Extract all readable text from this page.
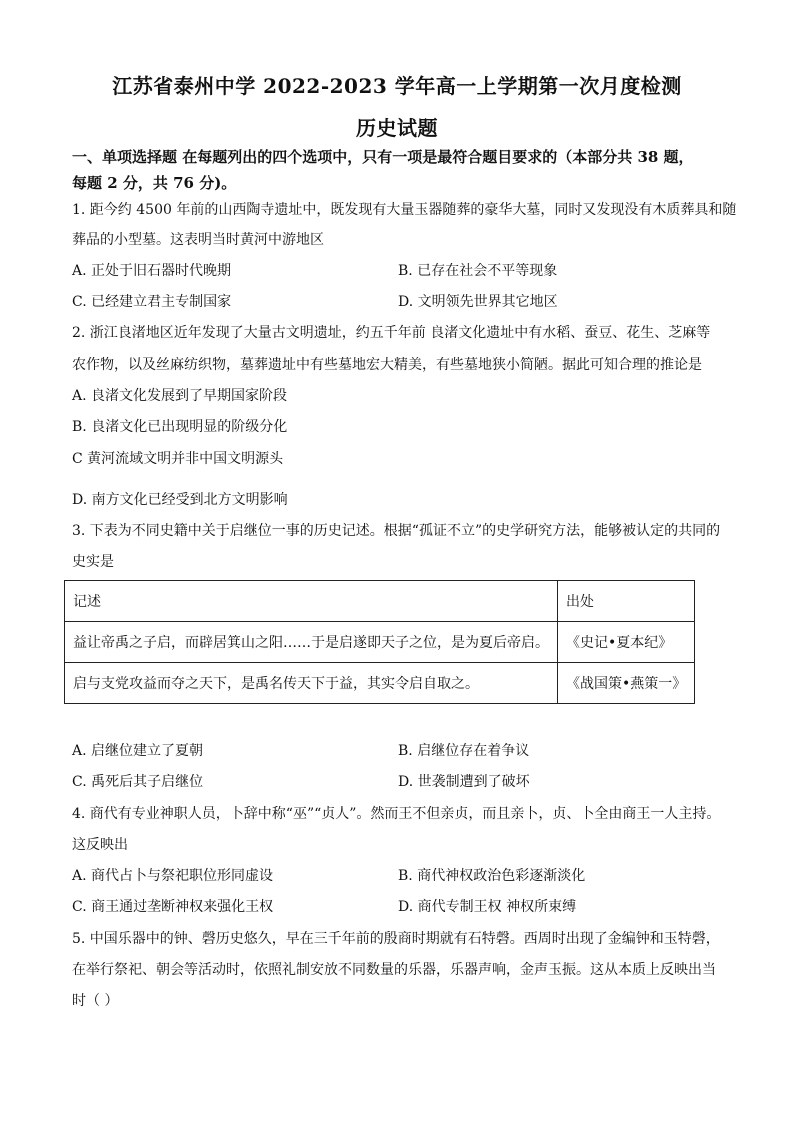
江苏省泰州中学 2022-2023 学年高一上学期第一次月度检测
历史试题
一、单项选择题 在每题列出的四个选项中，只有一项是最符合题目要求的（本部分共 38 题，
每题 2 分，共 76 分)。
1. 距今约 4500 年前的山西陶寺遗址中，既发现有大量玉器随葬的豪华大墓，同时又发现没有木质葬具和随
葬品的小型墓。这表明当时黄河中游地区
A. 正处于旧石器时代晚期	B. 已存在社会不平等现象
C. 已经建立君主专制国家	D. 文明领先世界其它地区
2. 浙江良渚地区近年发现了大量古文明遗址，约五千年前 良渚文化遗址中有水稻、蚕豆、花生、芝麻等
农作物，以及丝麻纺织物，墓葬遗址中有些墓地宏大精美，有些墓地狭小简陋。据此可知合理的推论是
A. 良渚文化发展到了早期国家阶段
B. 良渚文化已出现明显的阶级分化
C 黄河流域文明并非中国文明源头
D. 南方文化已经受到北方文明影响
3. 下表为不同史籍中关于启继位一事的历史记述。根据“孤证不立”的史学研究方法，能够被认定的共同的
史实是
记述	出处
益让帝禹之子启，而辟居箕山之阳……于是启遂即天子之位，是为夏后帝启。	《史记•夏本纪》
启与支党攻益而夺之天下，是禹名传天下于益，其实令启自取之。	《战国策•燕策一》
A. 启继位建立了夏朝	B. 启继位存在着争议
C. 禹死后其子启继位	D. 世袭制遭到了破坏
4. 商代有专业神职人员，卜辞中称“巫”“贞人”。然而王不但亲贞，而且亲卜，贞、卜全由商王一人主持。
这反映出
A. 商代占卜与祭祀职位形同虚设	B. 商代神权政治色彩逐渐淡化
C. 商王通过垄断神权来强化王权	D. 商代专制王权 神权所束缚
5. 中国乐器中的钟、磬历史悠久，早在三千年前的殷商时期就有石特磬。西周时出现了金编钟和玉特磬，
在举行祭祀、朝会等活动时，依照礼制安放不同数量的乐器，乐器声响，金声玉振。这从本质上反映出当
时（ ）
